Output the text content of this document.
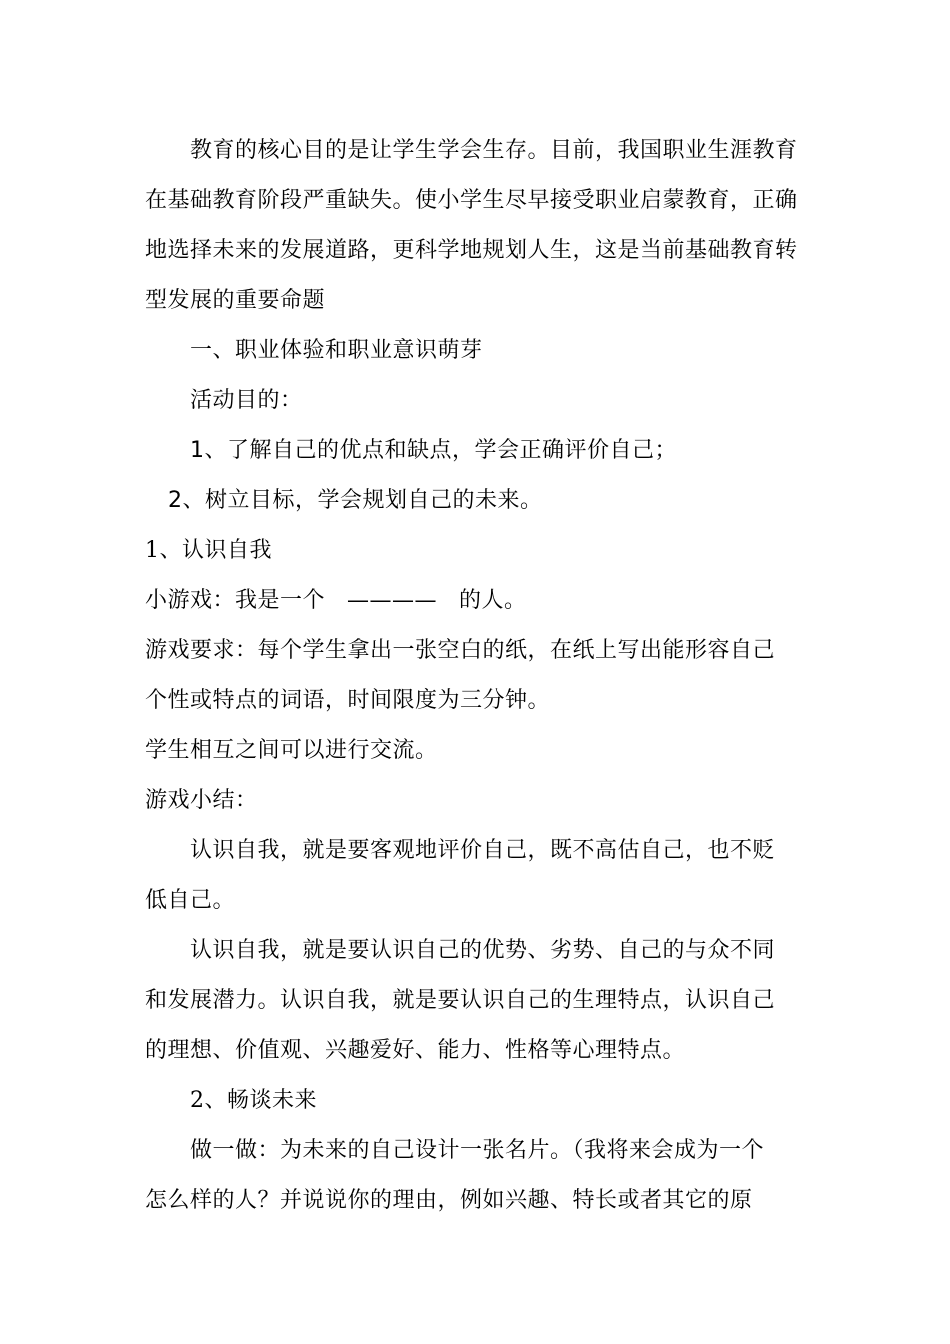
教育的核心目的是让学生学会生存。目前，我国职业生涯教育
在基础教育阶段严重缺失。使小学生尽早接受职业启蒙教育，正确
地选择未来的发展道路，更科学地规划人生，这是当前基础教育转
型发展的重要命题
一、职业体验和职业意识萌芽
活动目的：
1、了解自己的优点和缺点，学会正确评价自己；
2、树立目标，学会规划自己的未来。
1、认识自我
小游戏：我是一个 ———— 的人。
游戏要求：每个学生拿出一张空白的纸，在纸上写出能形容自己
个性或特点的词语，时间限度为三分钟。
学生相互之间可以进行交流。
游戏小结：
认识自我，就是要客观地评价自己，既不高估自己，也不贬
低自己。
认识自我，就是要认识自己的优势、劣势、自己的与众不同
和发展潜力。认识自我，就是要认识自己的生理特点，认识自己
的理想、价值观、兴趣爱好、能力、性格等心理特点。
2、畅谈未来
做一做：为未来的自己设计一张名片。（我将来会成为一个
怎么样的人？并说说你的理由，例如兴趣、特长或者其它的原
